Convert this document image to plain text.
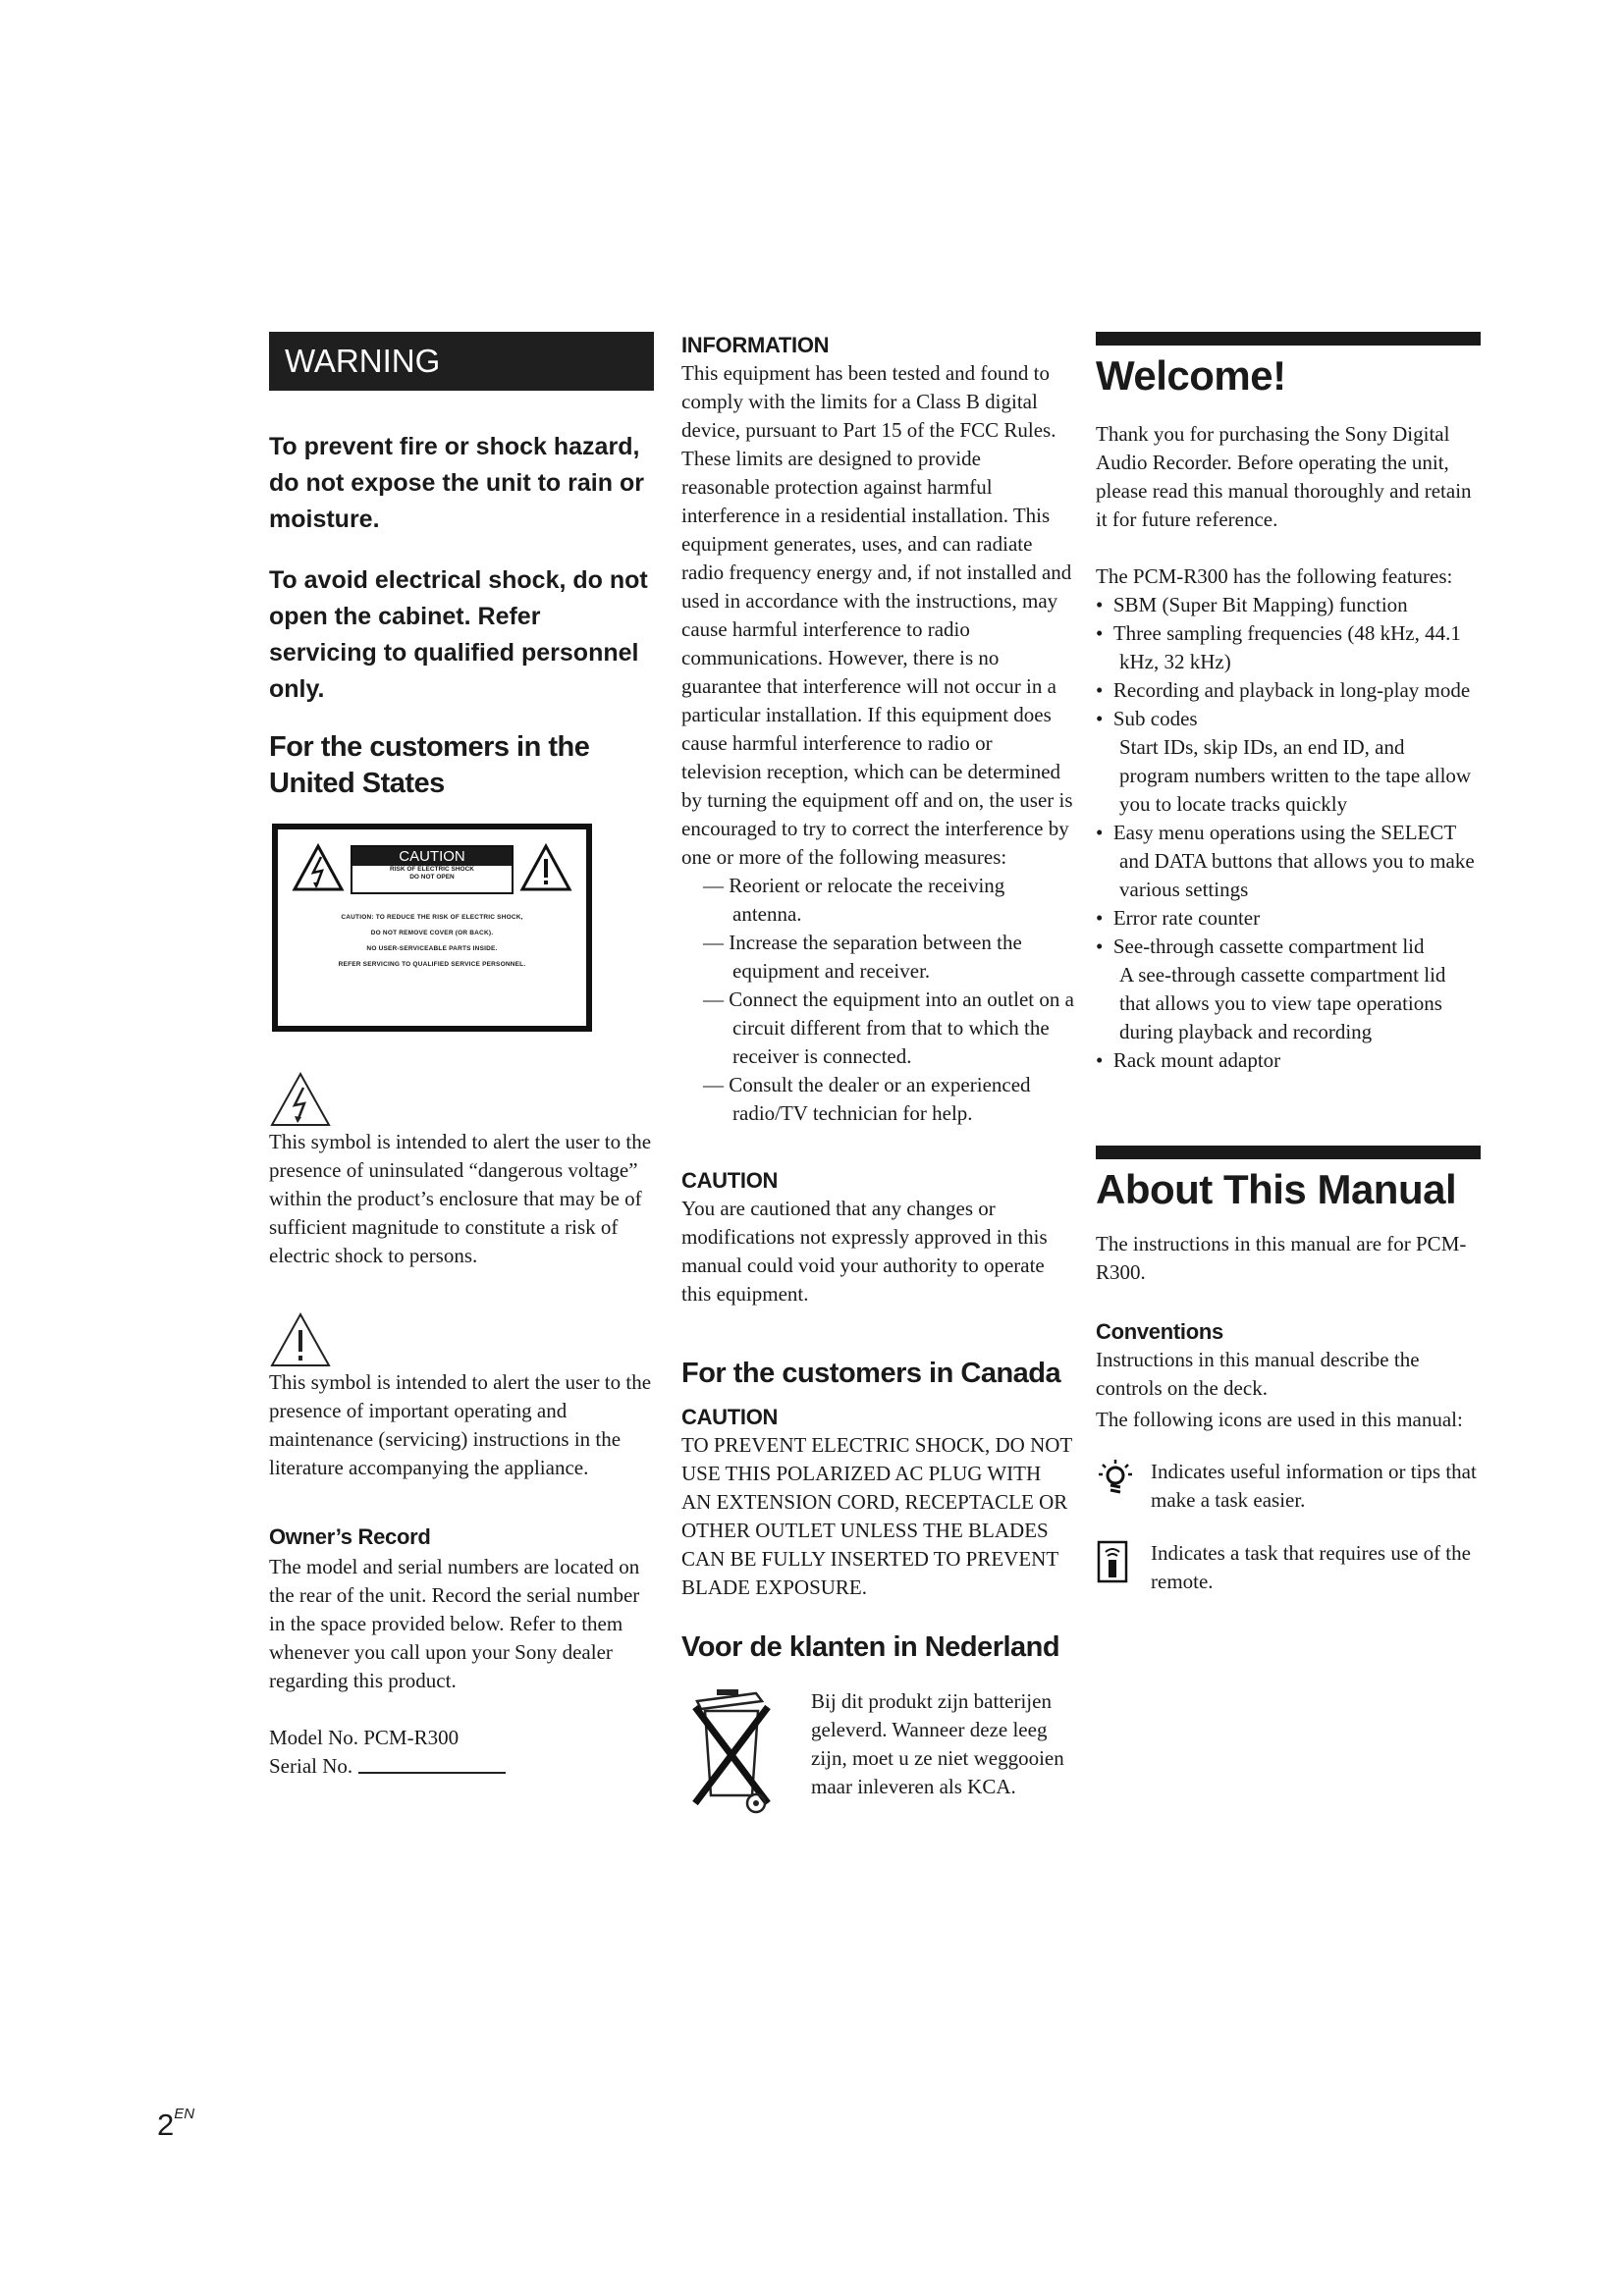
WARNING

To prevent fire or shock hazard, do not expose the unit to rain or moisture.

To avoid electrical shock, do not open the cabinet. Refer servicing to qualified personnel only.

For the customers in the United States

CAUTION
RISK OF ELECTRIC SHOCK
DO NOT OPEN
CAUTION: TO REDUCE THE RISK OF ELECTRIC SHOCK,
DO NOT REMOVE COVER (OR BACK).
NO USER-SERVICEABLE PARTS INSIDE.
REFER SERVICING TO QUALIFIED SERVICE PERSONNEL.

This symbol is intended to alert the user to the presence of uninsulated “dangerous voltage” within the product’s enclosure that may be of sufficient magnitude to constitute a risk of electric shock to persons.

This symbol is intended to alert the user to the presence of important operating and maintenance (servicing) instructions in the literature accompanying the appliance.

Owner’s Record

The model and serial numbers are located on the rear of the unit. Record the serial number in the space provided below. Refer to them whenever you call upon your Sony dealer regarding this product.

Model No. PCM-R300

Serial No.

INFORMATION

This equipment has been tested and found to comply with the limits for a Class B digital device, pursuant to Part 15 of the FCC Rules.

These limits are designed to provide reasonable protection against harmful interference in a residential installation. This equipment generates, uses, and can radiate radio frequency energy and, if not installed and used in accordance with the instructions, may cause harmful interference to radio communications. However, there is no guarantee that interference will not occur in a particular installation. If this equipment does cause harmful interference to radio or television reception, which can be determined by turning the equipment off and on, the user is encouraged to try to correct the interference by one or more of the following measures:

— Reorient or relocate the receiving antenna.

— Increase the separation between the equipment and receiver.

— Connect the equipment into an outlet on a circuit different from that to which the receiver is connected.

— Consult the dealer or an experienced radio/TV technician for help.

CAUTION

You are cautioned that any changes or modifications not expressly approved in this manual could void your authority to operate this equipment.

For the customers in Canada

CAUTION

TO PREVENT ELECTRIC SHOCK, DO NOT USE THIS POLARIZED AC PLUG WITH AN EXTENSION CORD, RECEPTACLE OR OTHER OUTLET UNLESS THE BLADES CAN BE FULLY INSERTED TO PREVENT BLADE EXPOSURE.

Voor de klanten in Nederland

Bij dit produkt zijn batterijen geleverd. Wanneer deze leeg zijn, moet u ze niet weggooien maar inleveren als KCA.

Welcome!

Thank you for purchasing the Sony Digital Audio Recorder. Before operating the unit, please read this manual thoroughly and retain it for future reference.

The PCM-R300 has the following features:

• SBM (Super Bit Mapping) function

• Three sampling frequencies (48 kHz, 44.1 kHz, 32 kHz)

• Recording and playback in long-play mode

• Sub codes

Start IDs, skip IDs, an end ID, and program numbers written to the tape allow you to locate tracks quickly

• Easy menu operations using the SELECT and DATA buttons that allows you to make various settings

• Error rate counter

• See-through cassette compartment lid

A see-through cassette compartment lid that allows you to view tape operations during playback and recording

• Rack mount adaptor

About This Manual

The instructions in this manual are for PCM-R300.

Conventions

Instructions in this manual describe the controls on the deck.

The following icons are used in this manual:

Indicates useful information or tips that make a task easier.

Indicates a task that requires use of the remote.

$2^{EN}$
